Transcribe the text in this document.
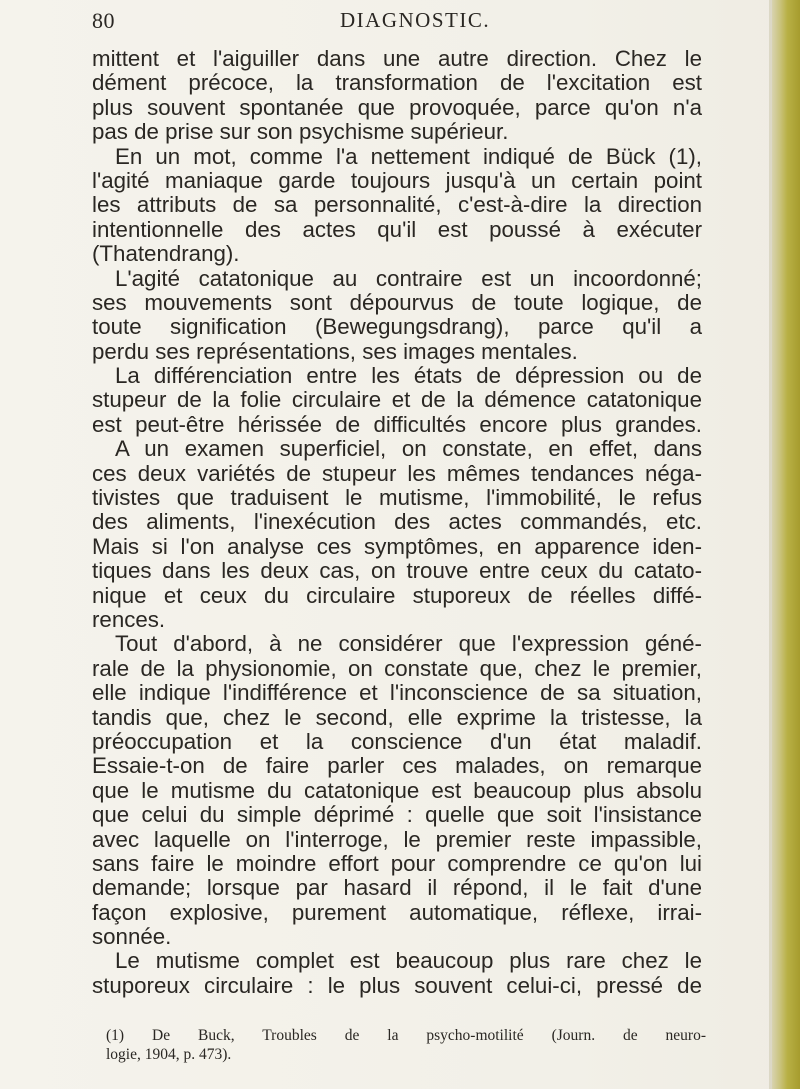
80	DIAGNOSTIC.
mittent et l'aiguiller dans une autre direction. Chez le
dément précoce, la transformation de l'excitation est
plus souvent spontanée que provoquée, parce qu'on n'a
pas de prise sur son psychisme supérieur.
En un mot, comme l'a nettement indiqué de Bück (1),
l'agité maniaque garde toujours jusqu'à un certain point
les attributs de sa personnalité, c'est-à-dire la direction
intentionnelle des actes qu'il est poussé à exécuter
(Thatendrang).
L'agité catatonique au contraire est un incoordonné;
ses mouvements sont dépourvus de toute logique, de
toute signification (Bewegungsdrang), parce qu'il a
perdu ses représentations, ses images mentales.
La différenciation entre les états de dépression ou de
stupeur de la folie circulaire et de la démence catatonique
est peut-être hérissée de difficultés encore plus grandes.
A un examen superficiel, on constate, en effet, dans
ces deux variétés de stupeur les mêmes tendances néga-
tivistes que traduisent le mutisme, l'immobilité, le refus
des aliments, l'inexécution des actes commandés, etc.
Mais si l'on analyse ces symptômes, en apparence iden-
tiques dans les deux cas, on trouve entre ceux du catato-
nique et ceux du circulaire stuporeux de réelles diffé-
rences.
Tout d'abord, à ne considérer que l'expression géné-
rale de la physionomie, on constate que, chez le premier,
elle indique l'indifférence et l'inconscience de sa situation,
tandis que, chez le second, elle exprime la tristesse, la
préoccupation et la conscience d'un état maladif.
Essaie-t-on de faire parler ces malades, on remarque
que le mutisme du catatonique est beaucoup plus absolu
que celui du simple déprimé : quelle que soit l'insistance
avec laquelle on l'interroge, le premier reste impassible,
sans faire le moindre effort pour comprendre ce qu'on lui
demande; lorsque par hasard il répond, il le fait d'une
façon explosive, purement automatique, réflexe, irrai-
sonnée.
Le mutisme complet est beaucoup plus rare chez le
stuporeux circulaire : le plus souvent celui-ci, pressé de
(1) De Buck, Troubles de la psycho-motilité (Journ. de neuro-
logie, 1904, p. 473).
